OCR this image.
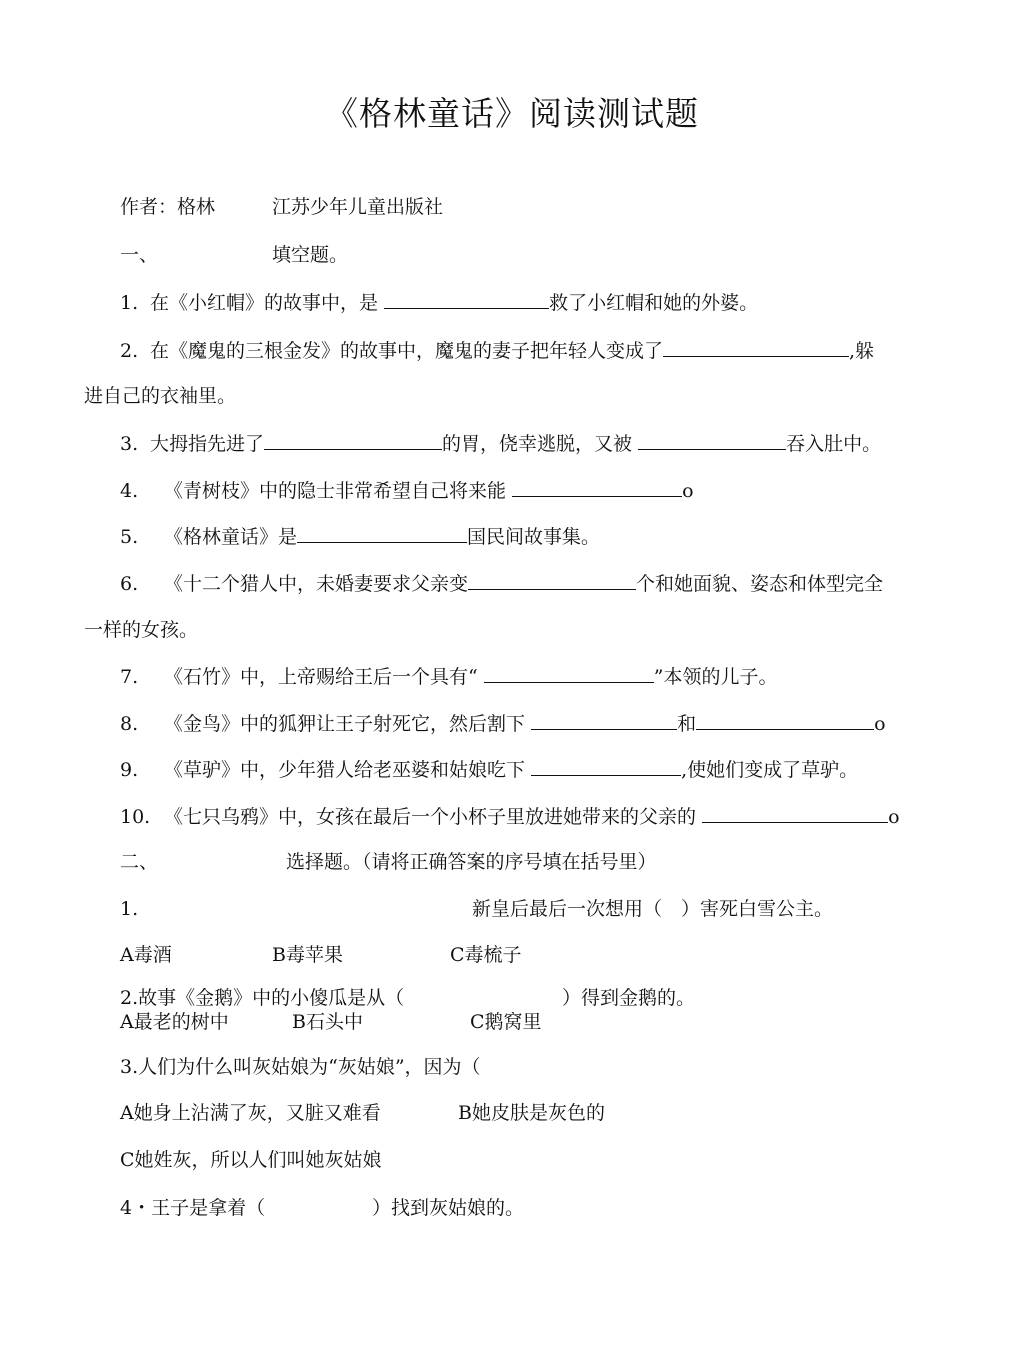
《格林童话》阅读测试题
作者：格林	江苏少年儿童出版社
一、	填空题。
1. 在《小红帽》的故事中，是	救了小红帽和她的外婆。
2. 在《魔鬼的三根金发》的故事中，魔鬼的妻子把年轻人变成了	,躲
进自己的衣袖里。
3. 大拇指先进了	的胃，侥幸逃脱，又被	吞入肚中。
4. 《青树枝》中的隐士非常希望自己将来能	o
5. 《格林童话》是	国民间故事集。
6. 《十二个猎人中，未婚妻要求父亲变	个和她面貌、姿态和体型完全
一样的女孩。
7. 《石竹》中，上帝赐给王后一个具有“	”本领的儿子。
8. 《金鸟》中的狐狎让王子射死它，然后割下	和	o
9. 《草驴》中，少年猎人给老巫婆和姑娘吃下	,使她们变成了草驴。
10. 《七只乌鸦》中，女孩在最后一个小杯子里放进她带来的父亲的	o
二、	选择题。（请将正确答案的序号填在括号里）
1.	新皇后最后一次想用（　）害死白雪公主。
A毒酒	B毒苹果	C毒梳子
2.故事《金鹅》中的小傻瓜是从（	）得到金鹅的。
A最老的树中	B石头中	C鹅窝里
3.人们为什么叫灰姑娘为“灰姑娘”，因为（
A她身上沾满了灰，又脏又难看	B她皮肤是灰色的
C她姓灰，所以人们叫她灰姑娘
4・王子是拿着（	）找到灰姑娘的。
